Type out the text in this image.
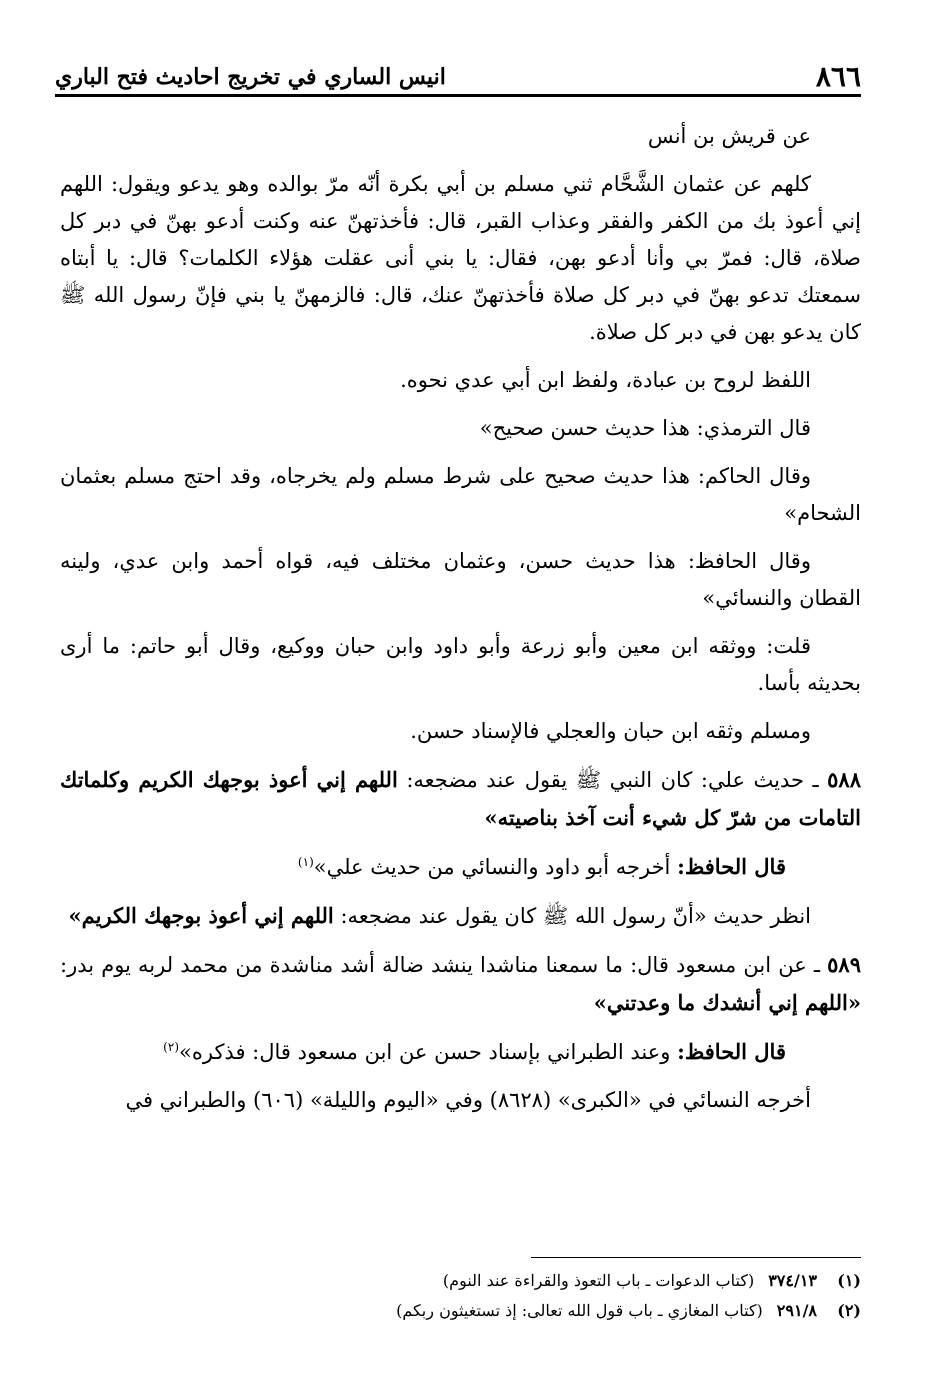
٨٦٦
انيس الساري في تخريج احاديث فتح الباري

عن قريش بن أنس

كلهم عن عثمان الشَّحَّام ثني مسلم بن أبي بكرة أنّه مرّ بوالده وهو يدعو ويقول: اللهم إني أعوذ بك من الكفر والفقر وعذاب القبر، قال: فأخذتهنّ عنه وكنت أدعو بهنّ في دبر كل صلاة، قال: فمرّ بي وأنا أدعو بهن، فقال: يا بني أنى عقلت هؤلاء الكلمات؟ قال: يا أبتاه سمعتك تدعو بهنّ في دبر كل صلاة فأخذتهنّ عنك، قال: فالزمهنّ يا بني فإنّ رسول الله ﷺ كان يدعو بهن في دبر كل صلاة.

اللفظ لروح بن عبادة، ولفظ ابن أبي عدي نحوه.

قال الترمذي: هذا حديث حسن صحيح»

وقال الحاكم: هذا حديث صحيح على شرط مسلم ولم يخرجاه، وقد احتج مسلم بعثمان الشحام»

وقال الحافظ: هذا حديث حسن، وعثمان مختلف فيه، قواه أحمد وابن عدي، ولينه القطان والنسائي»

قلت: ووثقه ابن معين وأبو زرعة وأبو داود وابن حبان ووكيع، وقال أبو حاتم: ما أرى بحديثه بأسا.

ومسلم وثقه ابن حبان والعجلي فالإسناد حسن.

٥٨٨ ـ حديث علي: كان النبي ﷺ يقول عند مضجعه: اللهم إني أعوذ بوجهك الكريم وكلماتك التامات من شرّ كل شيء أنت آخذ بناصيته»

قال الحافظ: أخرجه أبو داود والنسائي من حديث علي»$^{(١)}$

انظر حديث «أنّ رسول الله ﷺ كان يقول عند مضجعه: اللهم إني أعوذ بوجهك الكريم»

٥٨٩ ـ عن ابن مسعود قال: ما سمعنا مناشدا ينشد ضالة أشد مناشدة من محمد لربه يوم بدر: «اللهم إني أنشدك ما وعدتني»

قال الحافظ: وعند الطبراني بإسناد حسن عن ابن مسعود قال: فذكره»$^{(٢)}$

أخرجه النسائي في «الكبرى» (٨٦٢٨) وفي «اليوم والليلة» (٦٠٦) والطبراني في

(١)
٣٧٤/١٣
(كتاب الدعوات ـ باب التعوذ والقراءة عند النوم)
(٢)
٢٩١/٨
(كتاب المغازي ـ باب قول الله تعالى: إذ تستغيثون ربكم)
